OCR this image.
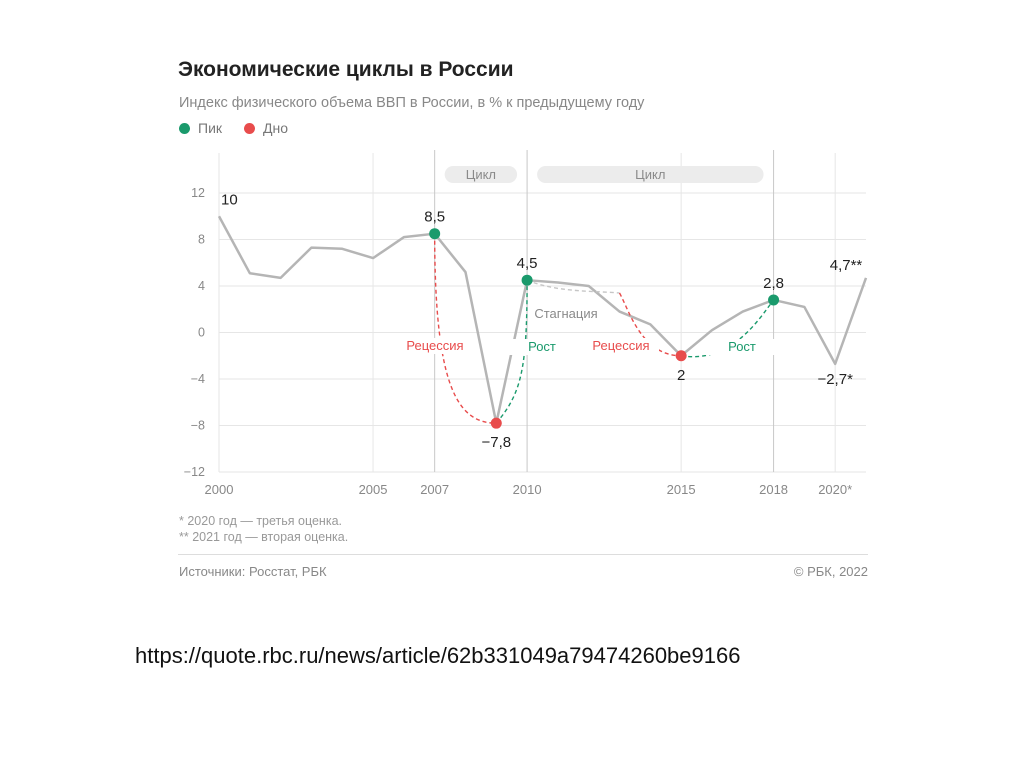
Экономические циклы в России
Индекс физического объема ВВП в России, в % к предыдущему году
Пик	Дно
12
8
4
0
−4
−8
−12
2000	2005	2007	2010	2015	2018 2020*
Цикл	Цикл
Рецессия	Рост
Стагнация
Рецессия	Рост
8,5
4,5
2,8
−7,8
2
10
4,7**
−2,7*
* 2020 год — третья оценка.
** 2021 год — вторая оценка.
Источники: Росстат, РБК	© РБК, 2022
https://quote.rbc.ru/news/article/62b331049a79474260be9166
